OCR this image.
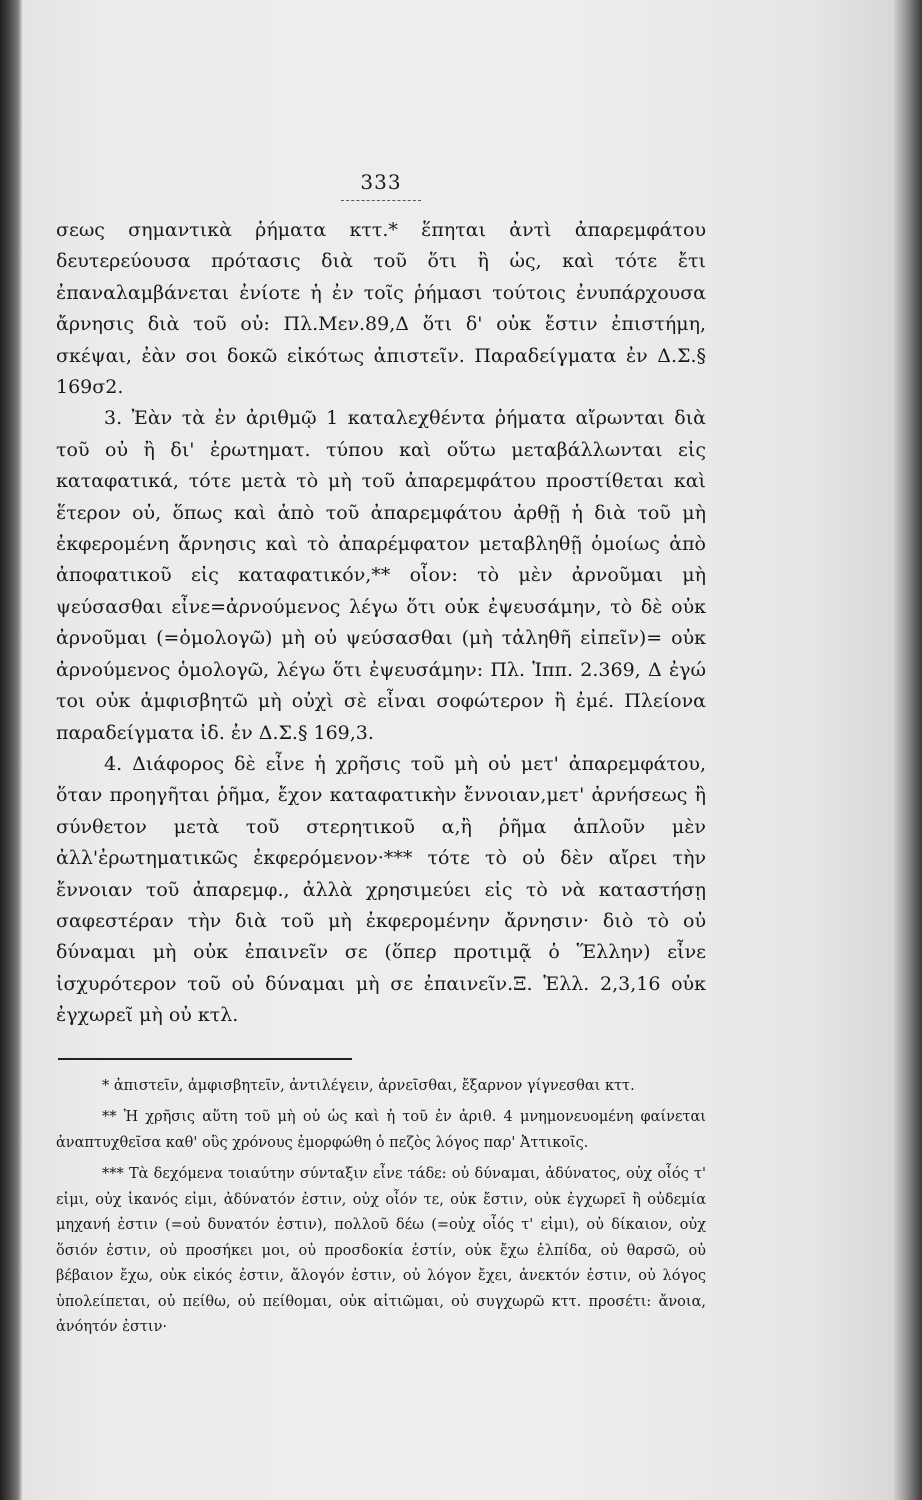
333

σεως σημαντικὰ ῥήματα κττ.* ἕπηται ἀντὶ ἀπαρεμφάτου δευτερεύουσα πρότασις διὰ τοῦ ὅτι ἢ ὡς, καὶ τότε ἔτι ἐπαναλαμβάνεται ἐνίοτε ἡ ἐν τοῖς ῥήμασι τούτοις ἐνυπάρχουσα ἄρνησις διὰ τοῦ οὐ: Πλ.Μεν.89,Δ ὅτι δ' οὐκ ἔστιν ἐπιστήμη, σκέψαι, ἐὰν σοι δοκῶ εἰκότως ἀπιστεῖν. Παραδείγματα ἐν Δ.Σ.§ 169σ2.

3. Ἐὰν τὰ ἐν ἀριθμῷ 1 καταλεχθέντα ῥήματα αἴρωνται διὰ τοῦ οὐ ἢ δι' ἐρωτηματ. τύπου καὶ οὕτω μεταβάλλωνται εἰς καταφατικά, τότε μετὰ τὸ μὴ τοῦ ἀπαρεμφάτου προστίθεται καὶ ἕτερον οὐ, ὅπως καὶ ἀπὸ τοῦ ἀπαρεμφάτου ἀρθῇ ἡ διὰ τοῦ μὴ ἐκφερομένη ἄρνησις καὶ τὸ ἀπαρέμφατον μεταβληθῇ ὁμοίως ἀπὸ ἀποφατικοῦ εἰς καταφατικόν,** οἷον: τὸ μὲν ἀρνοῦμαι μὴ ψεύσασθαι εἶνε=ἀρνούμενος λέγω ὅτι οὐκ ἐψευσάμην, τὸ δὲ οὐκ ἀρνοῦμαι (=ὁμολογῶ) μὴ οὐ ψεύσασθαι (μὴ τἀληθῆ εἰπεῖν)= οὐκ ἀρνούμενος ὁμολογῶ, λέγω ὅτι ἐψευσάμην: Πλ. Ἱππ. 2.369, Δ ἐγώ τοι οὐκ ἀμφισβητῶ μὴ οὐχὶ σὲ εἶναι σοφώτερον ἢ ἐμέ. Πλείονα παραδείγματα ἰδ. ἐν Δ.Σ.§ 169,3.

4. Διάφορος δὲ εἶνε ἡ χρῆσις τοῦ μὴ οὐ μετ' ἀπαρεμφάτου, ὅταν προηγῆται ῥῆμα, ἔχον καταφατικὴν ἔννοιαν,μετ' ἀρνήσεως ἢ σύνθετον μετὰ τοῦ στερητικοῦ α,ἢ ῥῆμα ἁπλοῦν μὲν ἀλλ'ἐρωτηματικῶς ἐκφερόμενον·*** τότε τὸ οὐ δὲν αἴρει τὴν ἔννοιαν τοῦ ἀπαρεμφ., ἀλλὰ χρησιμεύει εἰς τὸ νὰ καταστήσῃ σαφεστέραν τὴν διὰ τοῦ μὴ ἐκφερομένην ἄρνησιν· διὸ τὸ οὐ δύναμαι μὴ οὐκ ἐπαινεῖν σε (ὅπερ προτιμᾷ ὁ Ἕλλην) εἶνε ἰσχυρότερον τοῦ οὐ δύναμαι μὴ σε ἐπαινεῖν.Ξ. Ἑλλ. 2,3,16 οὐκ ἐγχωρεῖ μὴ οὐ κτλ.

* ἀπιστεῖν, ἀμφισβητεῖν, ἀντιλέγειν, ἀρνεῖσθαι, ἔξαρνον γίγνεσθαι κττ.

** Ἡ χρῆσις αὕτη τοῦ μὴ οὐ ὡς καὶ ἡ τοῦ ἐν ἀριθ. 4 μνημονευομένη φαίνεται ἀναπτυχθεῖσα καθ' οὓς χρόνους ἐμορφώθη ὁ πεζὸς λόγος παρ' Ἀττικοῖς.

*** Τὰ δεχόμενα τοιαύτην σύνταξιν εἶνε τάδε: οὐ δύναμαι, ἀδύνατος, οὐχ οἷός τ' εἰμι, οὐχ ἱκανός εἰμι, ἀδύνατόν ἐστιν, οὐχ οἷόν τε, οὐκ ἔστιν, οὐκ ἐγχωρεῖ ἢ οὐδεμία μηχανή ἐστιν (=οὐ δυνατόν ἐστιν), πολλοῦ δέω (=οὐχ οἷός τ' εἰμι), οὐ δίκαιον, οὐχ ὅσιόν ἐστιν, οὐ προσήκει μοι, οὐ προσδοκία ἐστίν, οὐκ ἔχω ἐλπίδα, οὐ θαρσῶ, οὐ βέβαιον ἔχω, οὐκ εἰκός ἐστιν, ἄλογόν ἐστιν, οὐ λόγον ἔχει, ἀνεκτόν ἐστιν, οὐ λόγος ὑπολείπεται, οὐ πείθω, οὐ πείθομαι, οὐκ αἰτιῶμαι, οὐ συγχωρῶ κττ. προσέτι: ἄνοια, ἀνόητόν ἐστιν·
